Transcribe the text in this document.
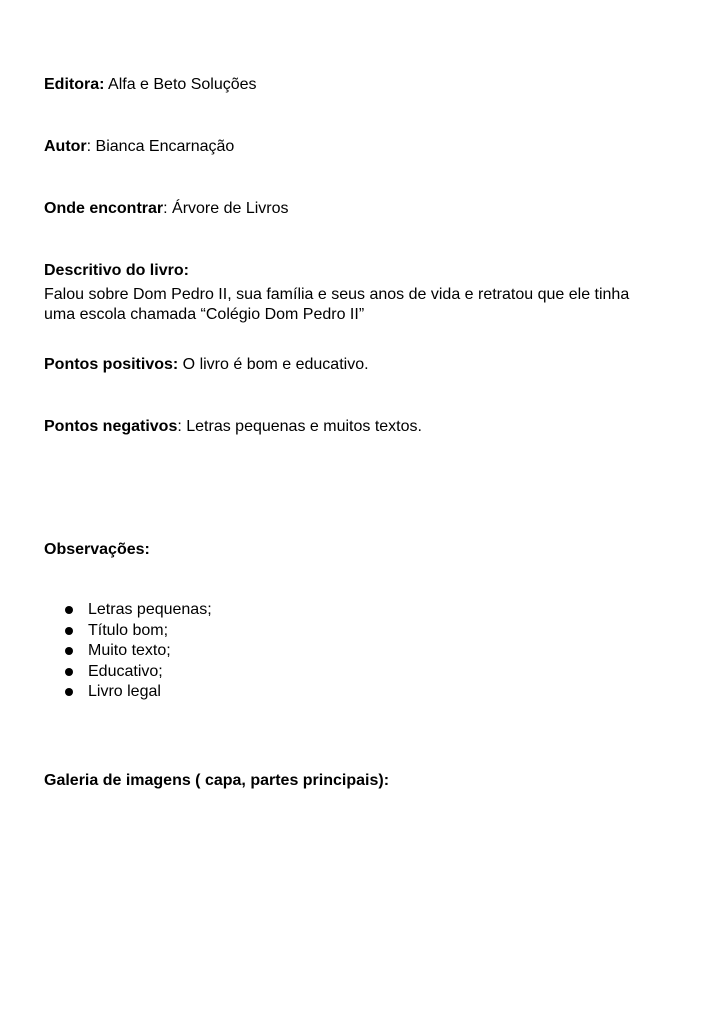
Editora: Alfa e Beto Soluções
Autor: Bianca Encarnação
Onde encontrar: Árvore de Livros

Descritivo do livro:

Falou sobre Dom Pedro II, sua família e seus anos de vida e retratou que ele tinha

uma escola chamada “Colégio Dom Pedro II”

Pontos positivos: O livro é bom e educativo.
Pontos negativos: Letras pequenas e muitos textos.
Observações:
Letras pequenas;
Título bom;
Muito texto;
Educativo;
Livro legal
Galeria de imagens ( capa, partes principais):
